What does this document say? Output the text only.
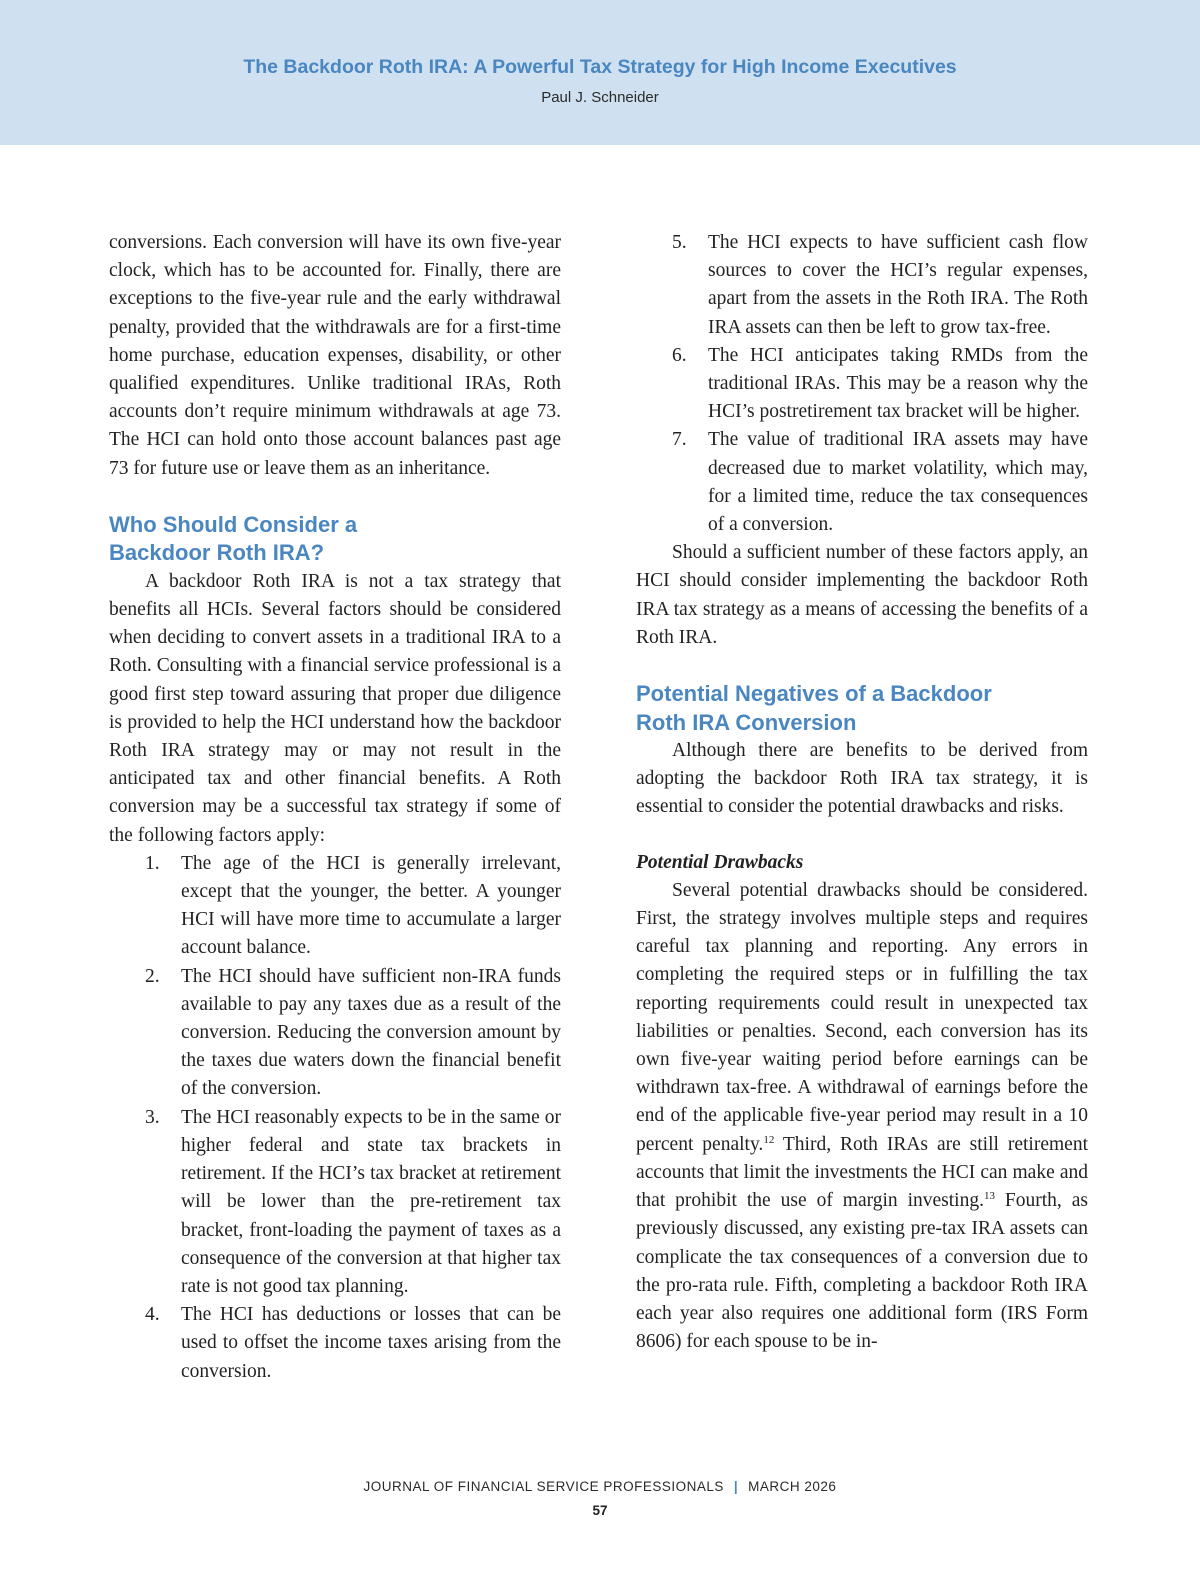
The Backdoor Roth IRA: A Powerful Tax Strategy for High Income Executives
Paul J. Schneider

conversions. Each conversion will have its own five-year clock, which has to be accounted for. Finally, there are exceptions to the five-year rule and the early withdrawal penalty, provided that the withdrawals are for a first-time home purchase, education expenses, disability, or other qualified expenditures. Unlike traditional IRAs, Roth accounts don’t require minimum withdrawals at age 73. The HCI can hold onto those account balances past age 73 for future use or leave them as an inheritance.

Who Should Consider a
Backdoor Roth IRA?

A backdoor Roth IRA is not a tax strategy that benefits all HCIs. Several factors should be considered when deciding to convert assets in a traditional IRA to a Roth. Consulting with a financial service professional is a good first step toward assuring that proper due diligence is provided to help the HCI understand how the backdoor Roth IRA strategy may or may not result in the anticipated tax and other financial benefits. A Roth conversion may be a successful tax strategy if some of the following factors apply:

1. The age of the HCI is generally irrelevant, except that the younger, the better. A younger HCI will have more time to accumulate a larger account balance.
2. The HCI should have sufficient non-IRA funds available to pay any taxes due as a result of the conversion. Reducing the conversion amount by the taxes due waters down the financial benefit of the conversion.
3. The HCI reasonably expects to be in the same or higher federal and state tax brackets in retirement. If the HCI’s tax bracket at retirement will be lower than the pre-retirement tax bracket, front-loading the payment of taxes as a consequence of the conversion at that higher tax rate is not good tax planning.
4. The HCI has deductions or losses that can be used to offset the income taxes arising from the conversion.
5. The HCI expects to have sufficient cash flow sources to cover the HCI’s regular expenses, apart from the assets in the Roth IRA. The Roth IRA assets can then be left to grow tax-free.
6. The HCI anticipates taking RMDs from the traditional IRAs. This may be a reason why the HCI’s postretirement tax bracket will be higher.
7. The value of traditional IRA assets may have decreased due to market volatility, which may, for a limited time, reduce the tax consequences of a conversion.

Should a sufficient number of these factors apply, an HCI should consider implementing the backdoor Roth IRA tax strategy as a means of accessing the benefits of a Roth IRA.

Potential Negatives of a Backdoor
Roth IRA Conversion

Although there are benefits to be derived from adopting the backdoor Roth IRA tax strategy, it is essential to consider the potential drawbacks and risks.

Potential Drawbacks

Several potential drawbacks should be considered. First, the strategy involves multiple steps and requires careful tax planning and reporting. Any errors in completing the required steps or in fulfilling the tax reporting requirements could result in unexpected tax liabilities or penalties. Second, each conversion has its own five-year waiting period before earnings can be withdrawn tax-free. A withdrawal of earnings before the end of the applicable five-year period may result in a 10 percent penalty.$^{12}$ Third, Roth IRAs are still retirement accounts that limit the investments the HCI can make and that prohibit the use of margin investing.$^{13}$ Fourth, as previously discussed, any existing pre-tax IRA assets can complicate the tax consequences of a conversion due to the pro-rata rule. Fifth, completing a backdoor Roth IRA each year also requires one additional form (IRS Form 8606) for each spouse to be in-

JOURNAL OF FINANCIAL SERVICE PROFESSIONALS | MARCH 2026
57
